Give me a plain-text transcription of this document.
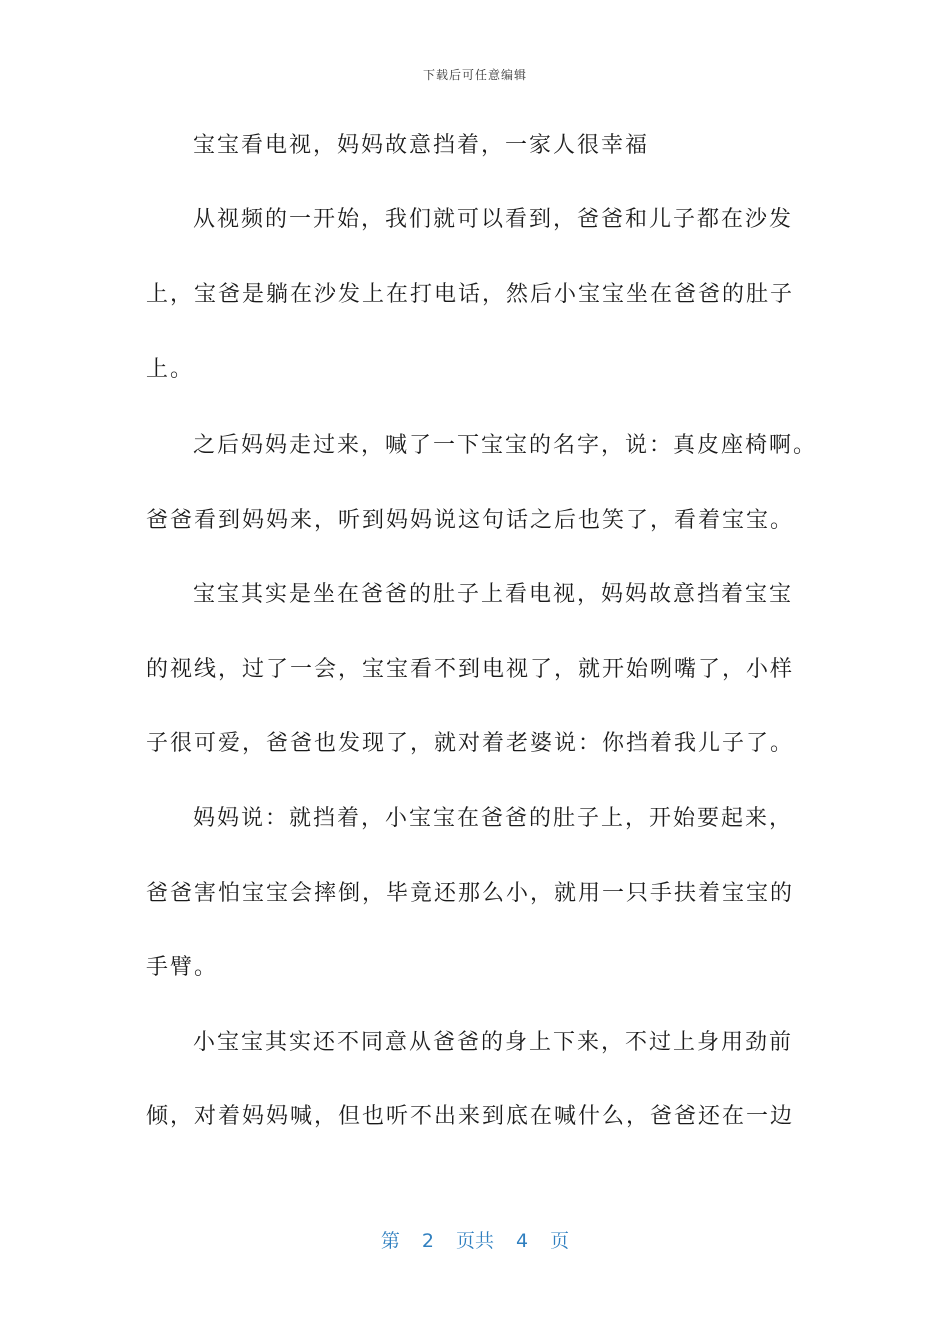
下载后可任意编辑
宝宝看电视，妈妈故意挡着，一家人很幸福
从视频的一开始，我们就可以看到，爸爸和儿子都在沙发
上，宝爸是躺在沙发上在打电话，然后小宝宝坐在爸爸的肚子
上。
之后妈妈走过来，喊了一下宝宝的名字，说：真皮座椅啊。
爸爸看到妈妈来，听到妈妈说这句话之后也笑了，看着宝宝。
宝宝其实是坐在爸爸的肚子上看电视，妈妈故意挡着宝宝
的视线，过了一会，宝宝看不到电视了，就开始咧嘴了，小样
子很可爱，爸爸也发现了，就对着老婆说：你挡着我儿子了。
妈妈说：就挡着，小宝宝在爸爸的肚子上，开始要起来，
爸爸害怕宝宝会摔倒，毕竟还那么小，就用一只手扶着宝宝的
手臂。
小宝宝其实还不同意从爸爸的身上下来，不过上身用劲前
倾，对着妈妈喊，但也听不出来到底在喊什么，爸爸还在一边
第 2 页共 4 页
